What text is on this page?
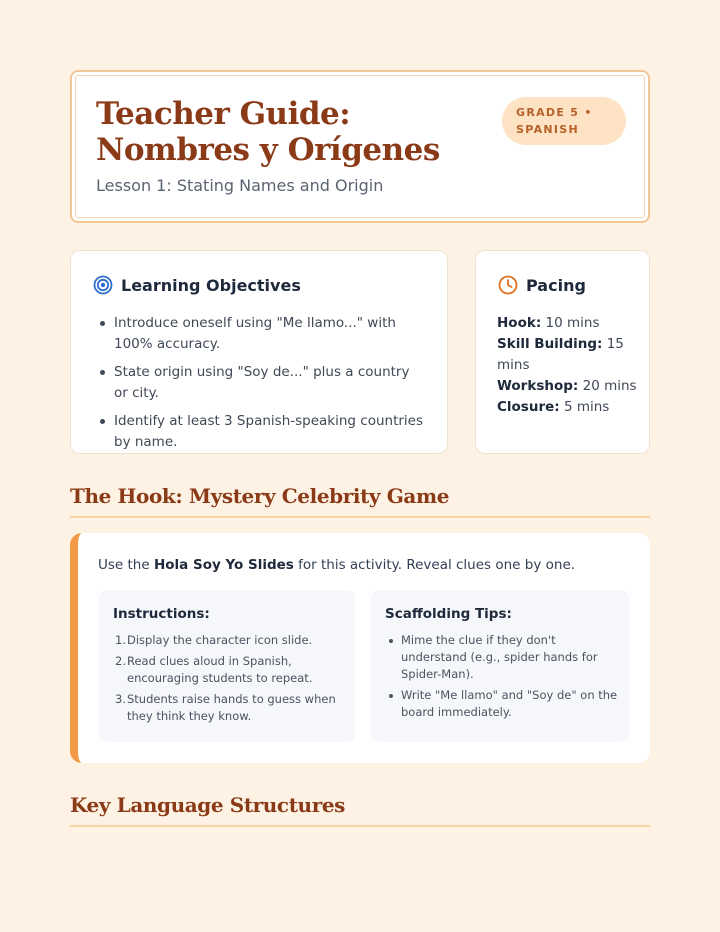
Teacher Guide: Nombres y Orígenes
Lesson 1: Stating Names and Origin
GRADE 5 • SPANISH
Learning Objectives
Introduce oneself using "Me llamo..." with 100% accuracy.
State origin using "Soy de..." plus a country or city.
Identify at least 3 Spanish-speaking countries by name.
Pacing
Hook: 10 mins
Skill Building: 15 mins
Workshop: 20 mins
Closure: 5 mins
The Hook: Mystery Celebrity Game
Use the Hola Soy Yo Slides for this activity. Reveal clues one by one.
Instructions:
1. Display the character icon slide.
2. Read clues aloud in Spanish, encouraging students to repeat.
3. Students raise hands to guess when they think they know.
Scaffolding Tips:
Mime the clue if they don't understand (e.g., spider hands for Spider-Man).
Write "Me llamo" and "Soy de" on the board immediately.
Key Language Structures
